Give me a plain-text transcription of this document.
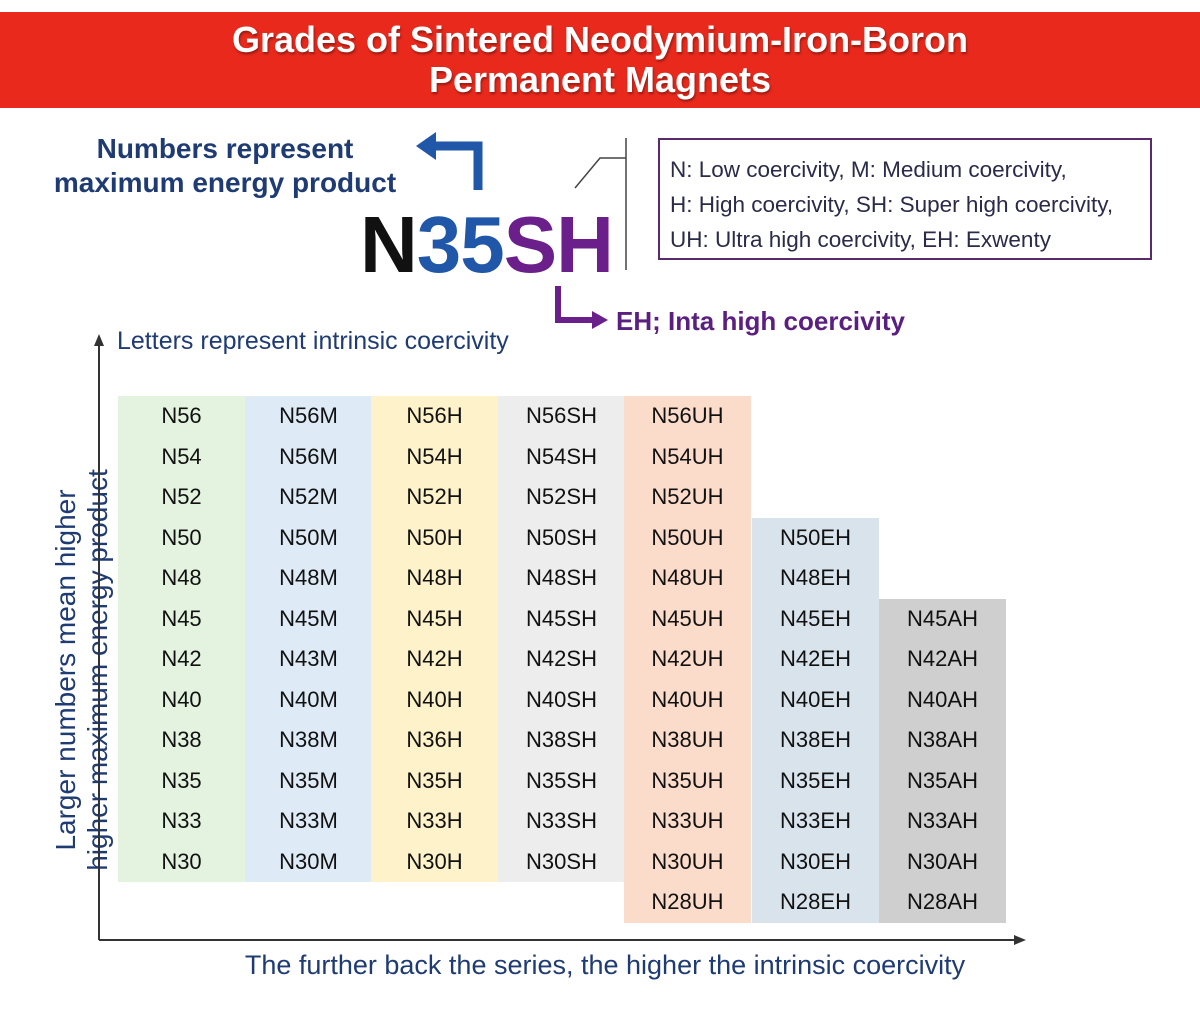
Grades of Sintered Neodymium-Iron-Boron
Permanent Magnets
Numbers represent
maximum energy product
N35SH
N: Low coercivity, M: Medium coercivity,
H: High coercivity, SH: Super high coercivity,
UH: Ultra high coercivity, EH: Exwenty
EH; Inta high coercivity
Letters represent intrinsic coercivity
Larger numbers mean higher higher maximum energy product
The further back the series, the higher the intrinsic coercivity
N56
N54
N52
N50
N48
N45
N42
N40
N38
N35
N33
N30
N56M
N56M
N52M
N50M
N48M
N45M
N43M
N40M
N38M
N35M
N33M
N30M
N56H
N54H
N52H
N50H
N48H
N45H
N42H
N40H
N36H
N35H
N33H
N30H
N56SH
N54SH
N52SH
N50SH
N48SH
N45SH
N42SH
N40SH
N38SH
N35SH
N33SH
N30SH
N56UH
N54UH
N52UH
N50UH
N48UH
N45UH
N42UH
N40UH
N38UH
N35UH
N33UH
N30UH
N28UH
N50EH
N48EH
N45EH
N42EH
N40EH
N38EH
N35EH
N33EH
N30EH
N28EH
N45AH
N42AH
N40AH
N38AH
N35AH
N33AH
N30AH
N28AH
